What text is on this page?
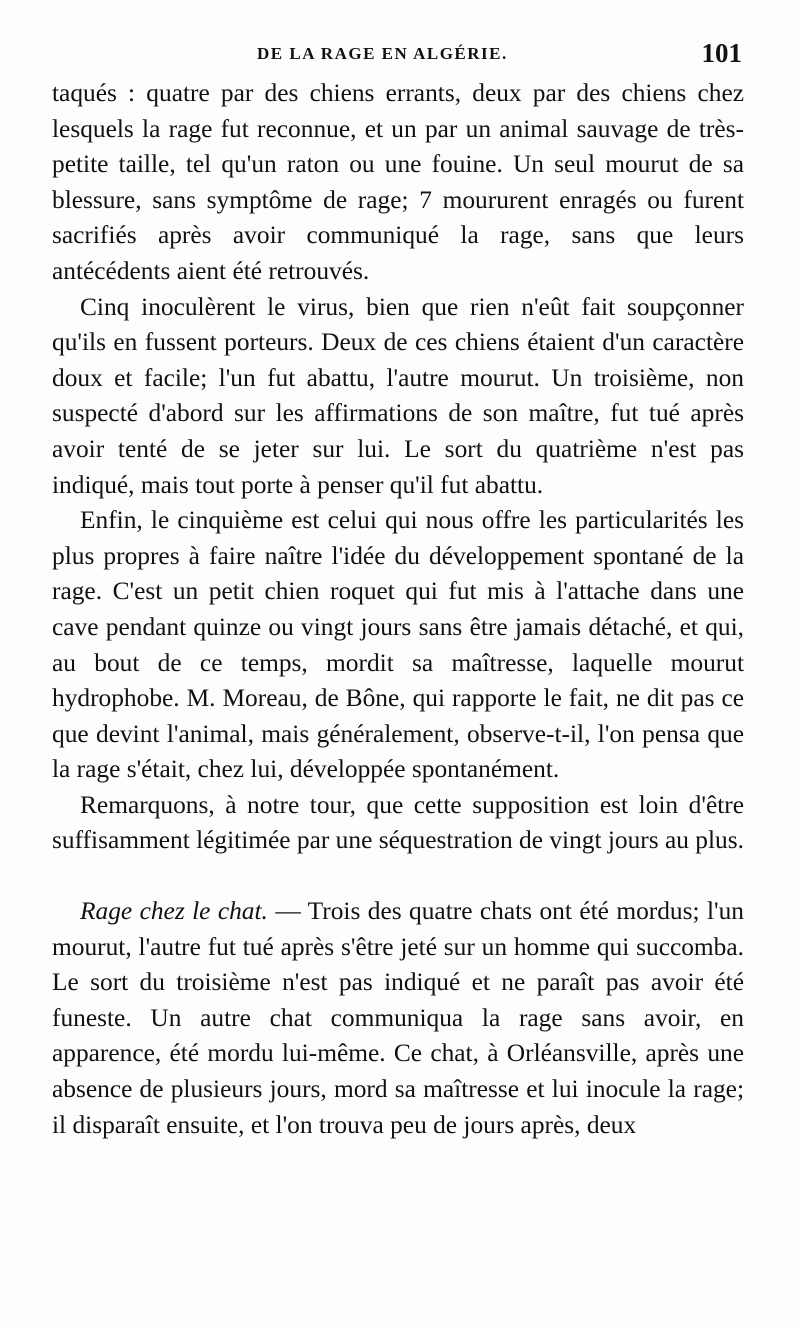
DE LA RAGE EN ALGÉRIE.	101

taqués : quatre par des chiens errants, deux par des chiens chez lesquels la rage fut reconnue, et un par un animal sauvage de très-petite taille, tel qu'un raton ou une fouine. Un seul mourut de sa blessure, sans symptôme de rage; 7 moururent enragés ou furent sacrifiés après avoir communiqué la rage, sans que leurs antécédents aient été retrouvés.

Cinq inoculèrent le virus, bien que rien n'eût fait soupçonner qu'ils en fussent porteurs. Deux de ces chiens étaient d'un caractère doux et facile; l'un fut abattu, l'autre mourut. Un troisième, non suspecté d'abord sur les affirmations de son maître, fut tué après avoir tenté de se jeter sur lui. Le sort du quatrième n'est pas indiqué, mais tout porte à penser qu'il fut abattu.

Enfin, le cinquième est celui qui nous offre les particularités les plus propres à faire naître l'idée du développement spontané de la rage. C'est un petit chien roquet qui fut mis à l'attache dans une cave pendant quinze ou vingt jours sans être jamais détaché, et qui, au bout de ce temps, mordit sa maîtresse, laquelle mourut hydrophobe. M. Moreau, de Bône, qui rapporte le fait, ne dit pas ce que devint l'animal, mais généralement, observe-t-il, l'on pensa que la rage s'était, chez lui, développée spontanément.

Remarquons, à notre tour, que cette supposition est loin d'être suffisamment légitimée par une séquestration de vingt jours au plus.

Rage chez le chat. — Trois des quatre chats ont été mordus; l'un mourut, l'autre fut tué après s'être jeté sur un homme qui succomba. Le sort du troisième n'est pas indiqué et ne paraît pas avoir été funeste. Un autre chat communiqua la rage sans avoir, en apparence, été mordu lui-même. Ce chat, à Orléansville, après une absence de plusieurs jours, mord sa maîtresse et lui inocule la rage; il disparaît ensuite, et l'on trouva peu de jours après, deux
